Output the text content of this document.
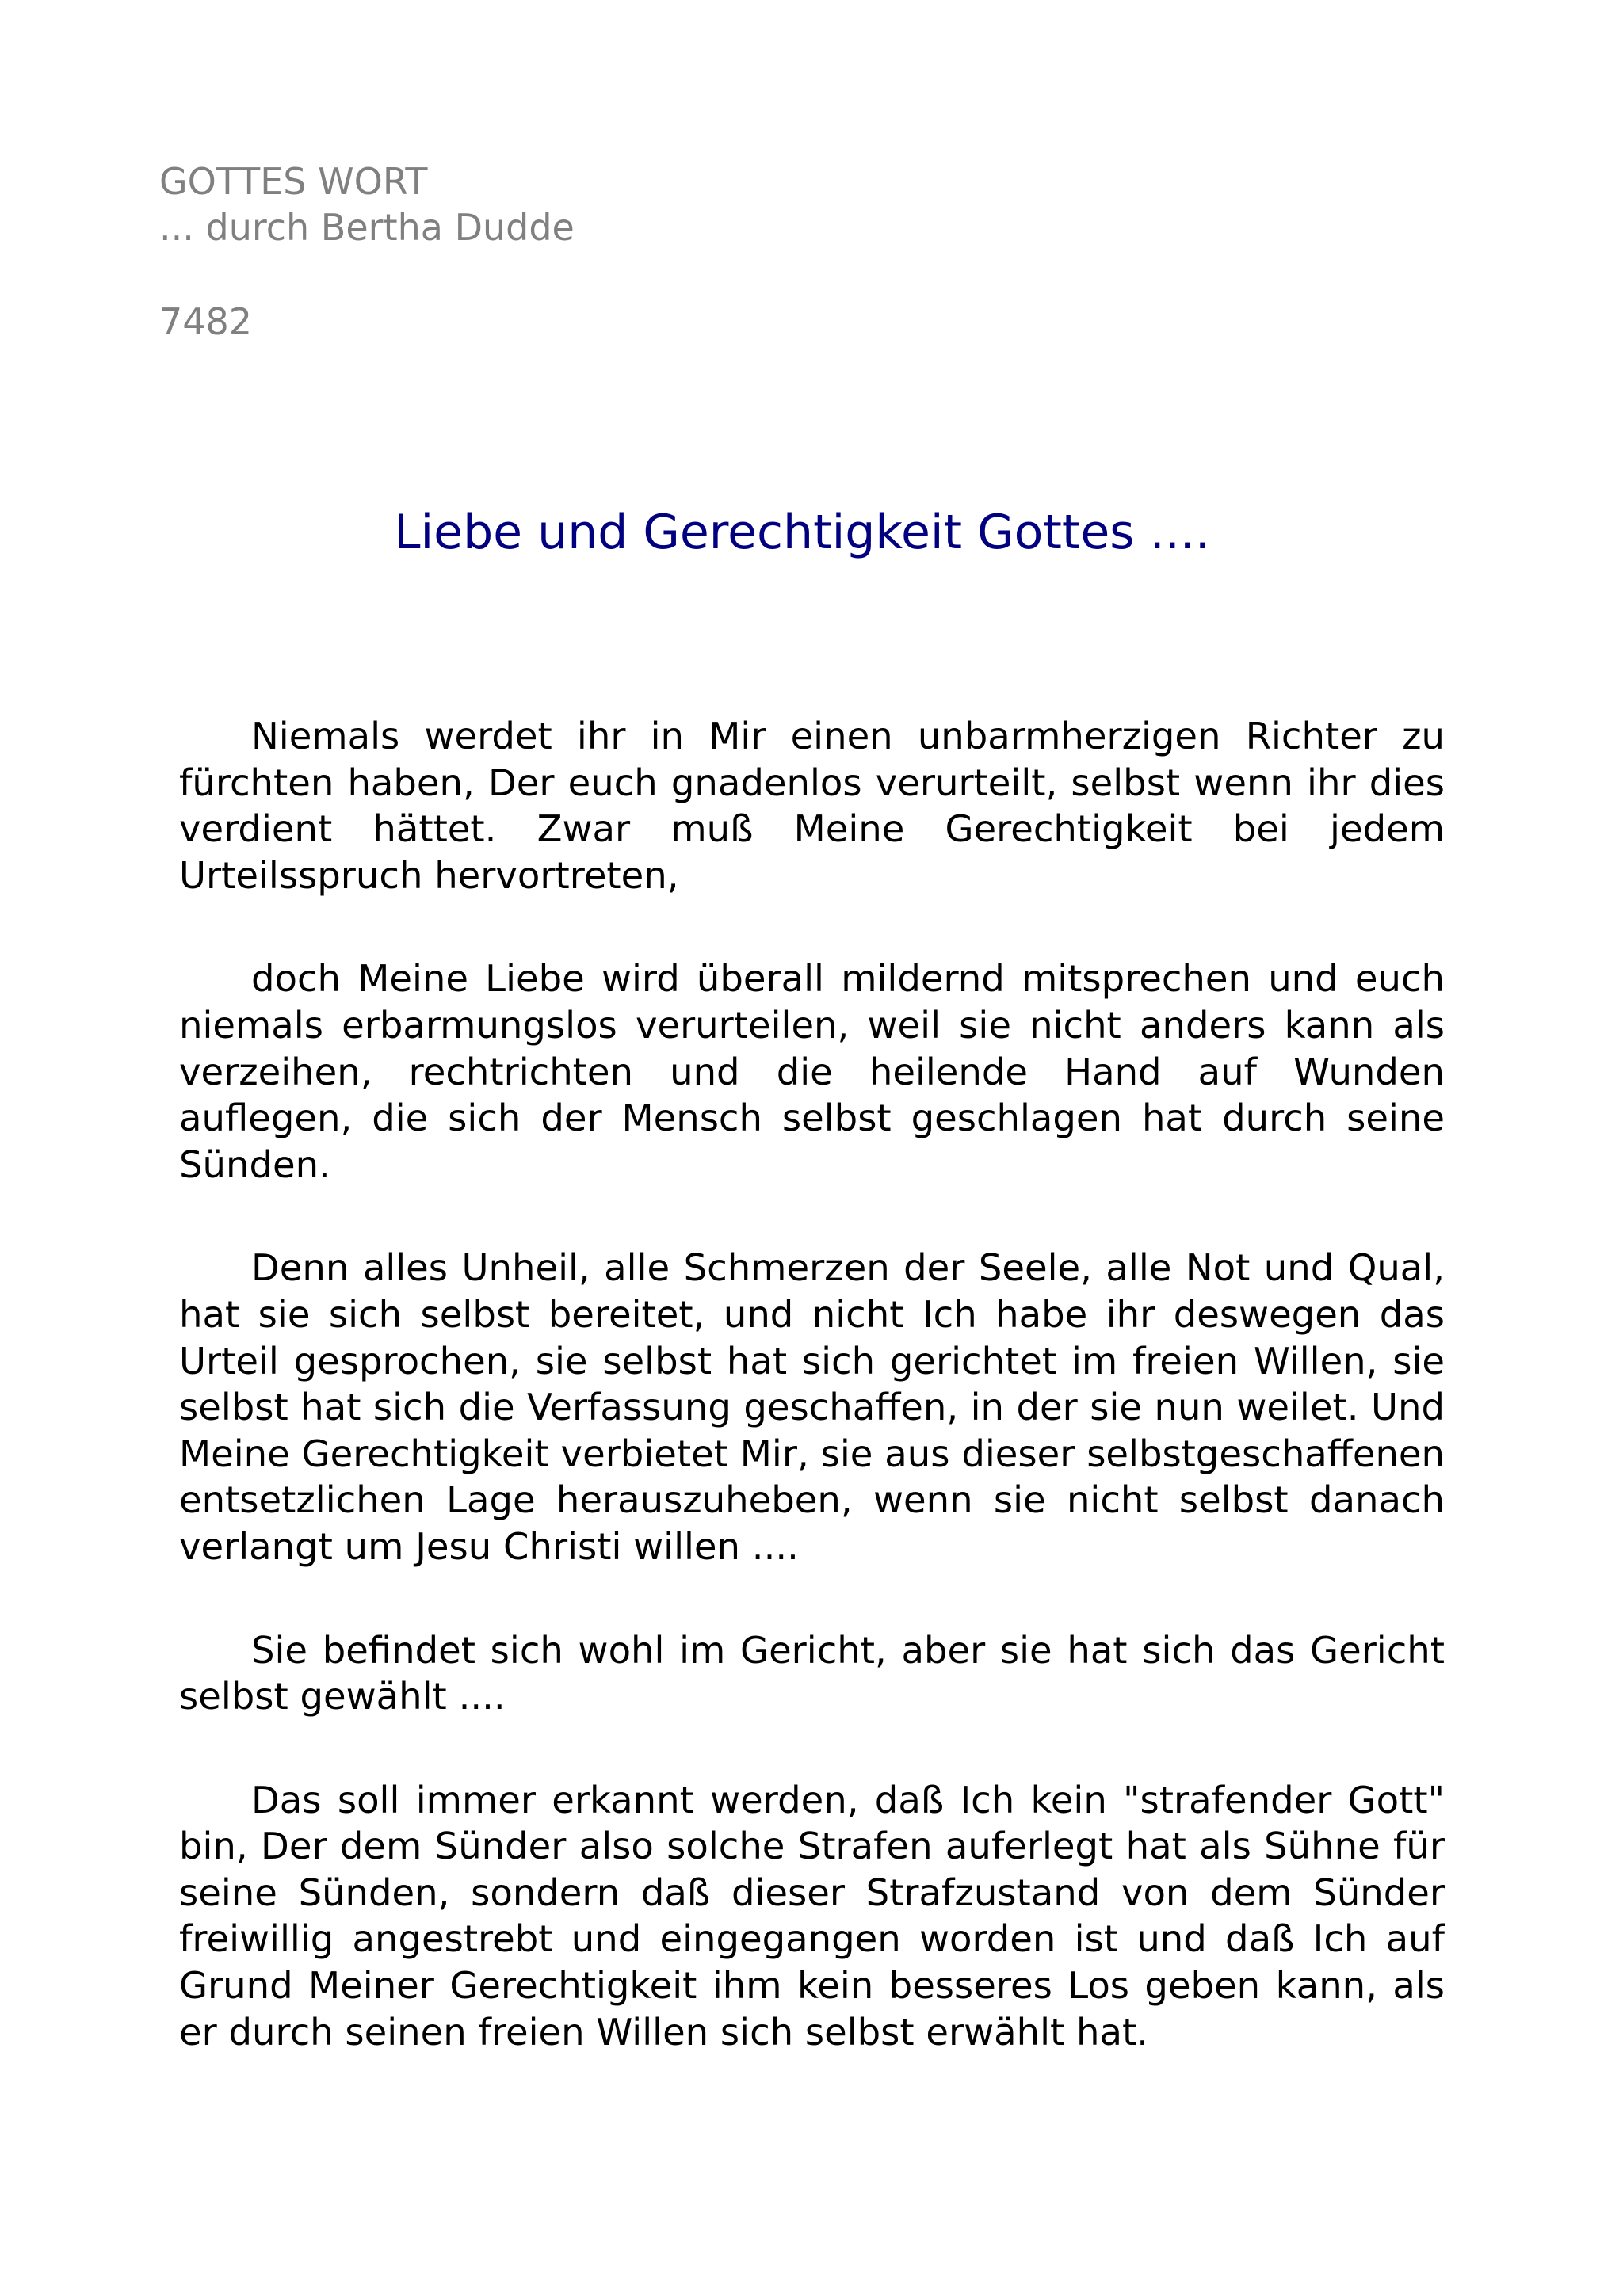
GOTTES WORT
... durch Bertha Dudde
7482
Liebe und Gerechtigkeit Gottes ....

Niemals werdet ihr in Mir einen unbarmherzigen Richter zu fürchten haben, Der euch gnadenlos verurteilt, selbst wenn ihr dies verdient hättet. Zwar muß Meine Gerechtigkeit bei jedem Urteilsspruch hervortreten,

doch Meine Liebe wird überall mildernd mitsprechen und euch niemals erbarmungslos verurteilen, weil sie nicht anders kann als verzeihen, rechtrichten und die heilende Hand auf Wunden auflegen, die sich der Mensch selbst geschlagen hat durch seine Sünden.

Denn alles Unheil, alle Schmerzen der Seele, alle Not und Qual, hat sie sich selbst bereitet, und nicht Ich habe ihr deswegen das Urteil gesprochen, sie selbst hat sich gerichtet im freien Willen, sie selbst hat sich die Verfassung geschaffen, in der sie nun weilet. Und Meine Gerechtigkeit verbietet Mir, sie aus dieser selbstgeschaffenen entsetzlichen Lage herauszuheben, wenn sie nicht selbst danach verlangt um Jesu Christi willen ....

Sie befindet sich wohl im Gericht, aber sie hat sich das Gericht selbst gewählt ....

Das soll immer erkannt werden, daß Ich kein "strafender Gott" bin, Der dem Sünder also solche Strafen auferlegt hat als Sühne für seine Sünden, sondern daß dieser Strafzustand von dem Sünder freiwillig angestrebt und eingegangen worden ist und daß Ich auf Grund Meiner Gerechtigkeit ihm kein besseres Los geben kann, als er durch seinen freien Willen sich selbst erwählt hat.
